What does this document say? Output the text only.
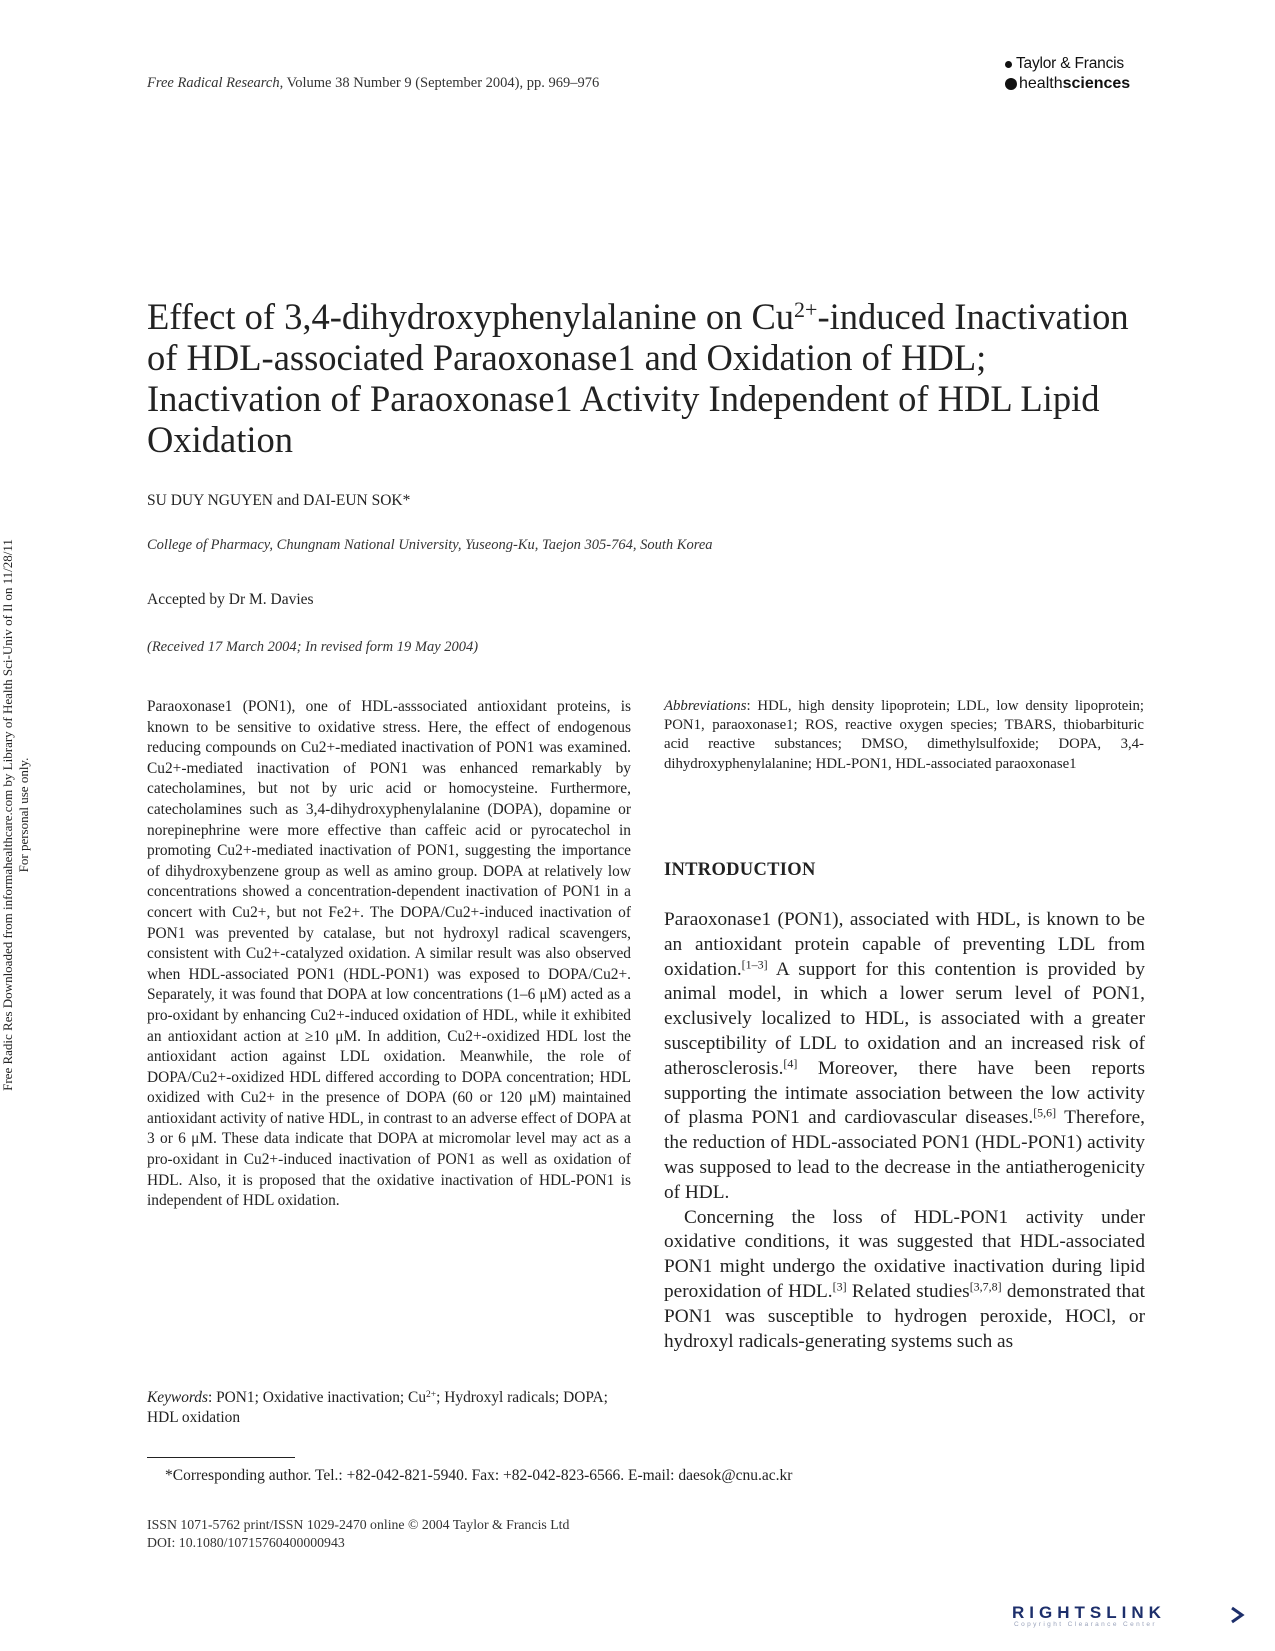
Free Radical Research, Volume 38 Number 9 (September 2004), pp. 969–976
Taylor & Francis
healthsciences
Effect of 3,4-dihydroxyphenylalanine on $Cu^{2+}$-induced Inactivation of HDL-associated Paraoxonase1 and Oxidation of HDL; Inactivation of Paraoxonase1 Activity Independent of HDL Lipid Oxidation
SU DUY NGUYEN and DAI-EUN SOK*
College of Pharmacy, Chungnam National University, Yuseong-Ku, Taejon 305-764, South Korea
Accepted by Dr M. Davies
(Received 17 March 2004; In revised form 19 May 2004)
Free Radic Res Downloaded from informahealthcare.com by Library of Health Sci-Univ of Il on 11/28/11 For personal use only.

Paraoxonase1 (PON1), one of HDL-asssociated antioxidant proteins, is known to be sensitive to oxidative stress. Here, the effect of endogenous reducing compounds on Cu2+-mediated inactivation of PON1 was examined. Cu2+-mediated inactivation of PON1 was enhanced remarkably by catecholamines, but not by uric acid or homocysteine. Furthermore, catecholamines such as 3,4-dihydroxyphenylalanine (DOPA), dopamine or norepinephrine were more effective than caffeic acid or pyrocatechol in promoting Cu2+-mediated inactivation of PON1, suggesting the importance of dihydroxybenzene group as well as amino group. DOPA at relatively low concentrations showed a concentration-dependent inactivation of PON1 in a concert with Cu2+, but not Fe2+. The DOPA/Cu2+-induced inactivation of PON1 was prevented by catalase, but not hydroxyl radical scavengers, consistent with Cu2+-catalyzed oxidation. A similar result was also observed when HDL-associated PON1 (HDL-PON1) was exposed to DOPA/Cu2+. Separately, it was found that DOPA at low concentrations (1–6 μM) acted as a pro-oxidant by enhancing Cu2+-induced oxidation of HDL, while it exhibited an antioxidant action at ≥10 μM. In addition, Cu2+-oxidized HDL lost the antioxidant action against LDL oxidation. Meanwhile, the role of DOPA/Cu2+-oxidized HDL differed according to DOPA concentration; HDL oxidized with Cu2+ in the presence of DOPA (60 or 120 μM) maintained antioxidant activity of native HDL, in contrast to an adverse effect of DOPA at 3 or 6 μM. These data indicate that DOPA at micromolar level may act as a pro-oxidant in Cu2+-induced inactivation of PON1 as well as oxidation of HDL. Also, it is proposed that the oxidative inactivation of HDL-PON1 is independent of HDL oxidation.

Keywords: PON1; Oxidative inactivation; $Cu^{2+}$; Hydroxyl radicals; DOPA; HDL oxidation
Abbreviations: HDL, high density lipoprotein; LDL, low density lipoprotein; PON1, paraoxonase1; ROS, reactive oxygen species; TBARS, thiobarbituric acid reactive substances; DMSO, dimethylsulfoxide; DOPA, 3,4-dihydroxyphenylalanine; HDL-PON1, HDL-associated paraoxonase1
INTRODUCTION

Paraoxonase1 (PON1), associated with HDL, is known to be an antioxidant protein capable of preventing LDL from oxidation.[1–3] A support for this contention is provided by animal model, in which a lower serum level of PON1, exclusively localized to HDL, is associated with a greater susceptibility of LDL to oxidation and an increased risk of atherosclerosis.[4] Moreover, there have been reports supporting the intimate association between the low activity of plasma PON1 and cardiovascular diseases.[5,6] Therefore, the reduction of HDL-associated PON1 (HDL-PON1) activity was supposed to lead to the decrease in the antiatherogenicity of HDL.

Concerning the loss of HDL-PON1 activity under oxidative conditions, it was suggested that HDL-associated PON1 might undergo the oxidative inactivation during lipid peroxidation of HDL.[3] Related studies[3,7,8] demonstrated that PON1 was susceptible to hydrogen peroxide, HOCl, or hydroxyl radicals-generating systems such as

*Corresponding author. Tel.: +82-042-821-5940. Fax: +82-042-823-6566. E-mail: daesok@cnu.ac.kr
ISSN 1071-5762 print/ISSN 1029-2470 online © 2004 Taylor & Francis Ltd
DOI: 10.1080/10715760400000943
RIGHTSLINK
Copyright Clearance Center
